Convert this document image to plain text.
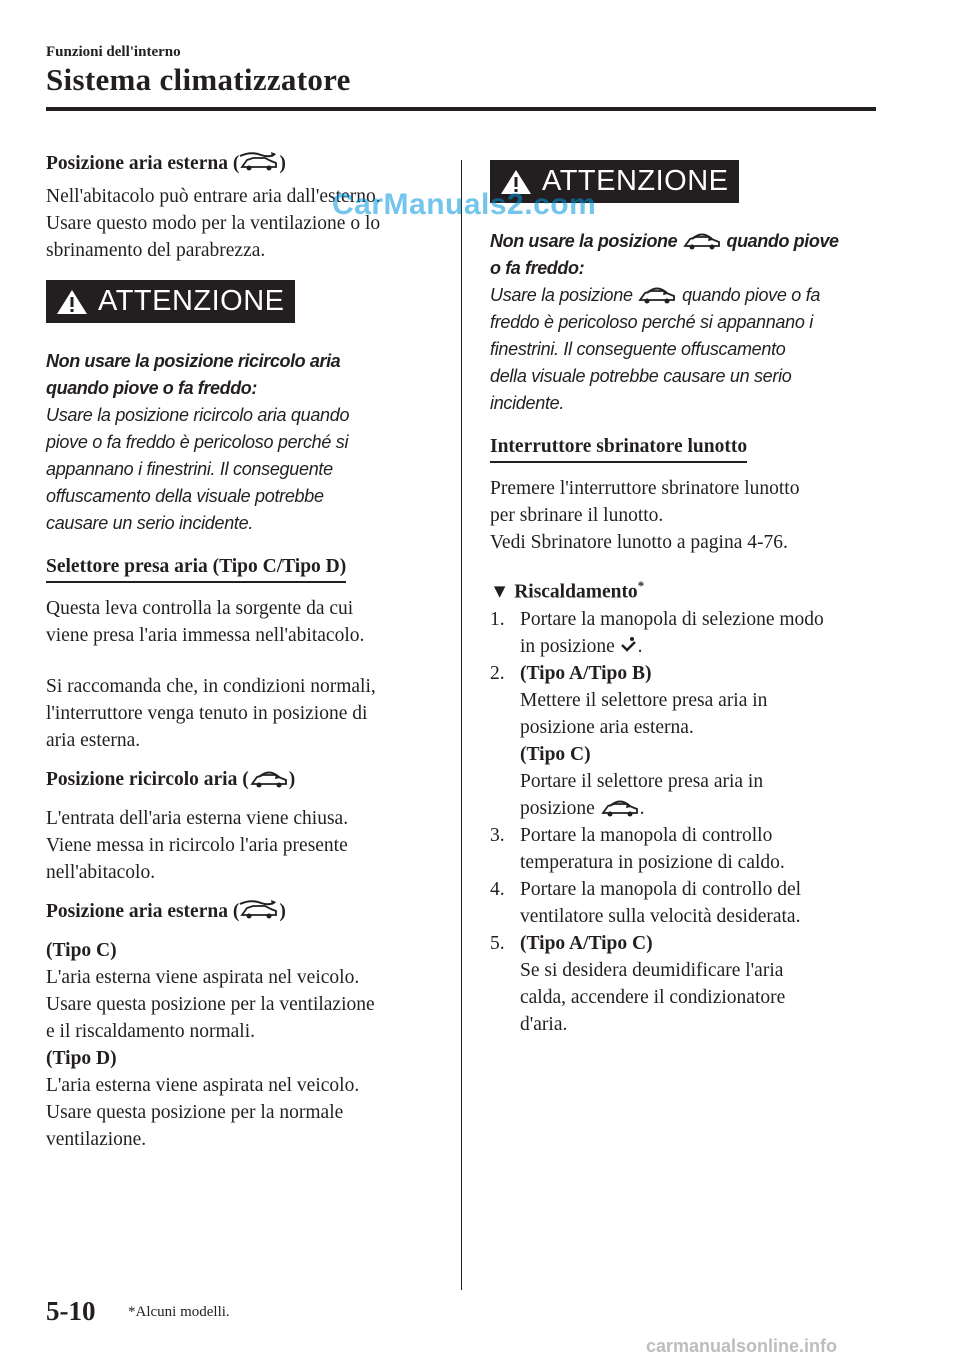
Funzioni dell'interno
Sistema climatizzatore

Posizione aria esterna ( )

Nell'abitacolo può entrare aria dall'esterno.

Usare questo modo per la ventilazione o lo

sbrinamento del parabrezza.

ATTENZIONE

Non usare la posizione ricircolo aria

quando piove o fa freddo:

Usare la posizione ricircolo aria quando

piove o fa freddo è pericoloso perché si

appannano i finestrini. Il conseguente

offuscamento della visuale potrebbe

causare un serio incidente.

Selettore presa aria (Tipo C/Tipo D)

Questa leva controlla la sorgente da cui

viene presa l'aria immessa nell'abitacolo.

Si raccomanda che, in condizioni normali,

l'interruttore venga tenuto in posizione di

aria esterna.

Posizione ricircolo aria ( )

L'entrata dell'aria esterna viene chiusa.

Viene messa in ricircolo l'aria presente

nell'abitacolo.

Posizione aria esterna ( )

(Tipo C)

L'aria esterna viene aspirata nel veicolo.

Usare questa posizione per la ventilazione

e il riscaldamento normali.

(Tipo D)

L'aria esterna viene aspirata nel veicolo.

Usare questa posizione per la normale

ventilazione.

ATTENZIONE

Non usare la posizione	quando piove

o fa freddo:

Usare la posizione	quando piove o fa

freddo è pericoloso perché si appannano i

finestrini. Il conseguente offuscamento

della visuale potrebbe causare un serio

incidente.

Interruttore sbrinatore lunotto

Premere l'interruttore sbrinatore lunotto

per sbrinare il lunotto.

Vedi Sbrinatore lunotto a pagina 4-76.

▼ Riscaldamento*

1. Portare la manopola di selezione modo
in posizione .
2. (Tipo A/Tipo B)
Mettere il selettore presa aria in
posizione aria esterna.
(Tipo C)
Portare il selettore presa aria in
posizione .
3. Portare la manopola di controllo
temperatura in posizione di caldo.
4. Portare la manopola di controllo del
ventilatore sulla velocità desiderata.
5. (Tipo A/Tipo C)
Se si desidera deumidificare l'aria
calda, accendere il condizionatore
d'aria.
CarManuals2.com
5-10 *Alcuni modelli.
carmanualsonline.info
